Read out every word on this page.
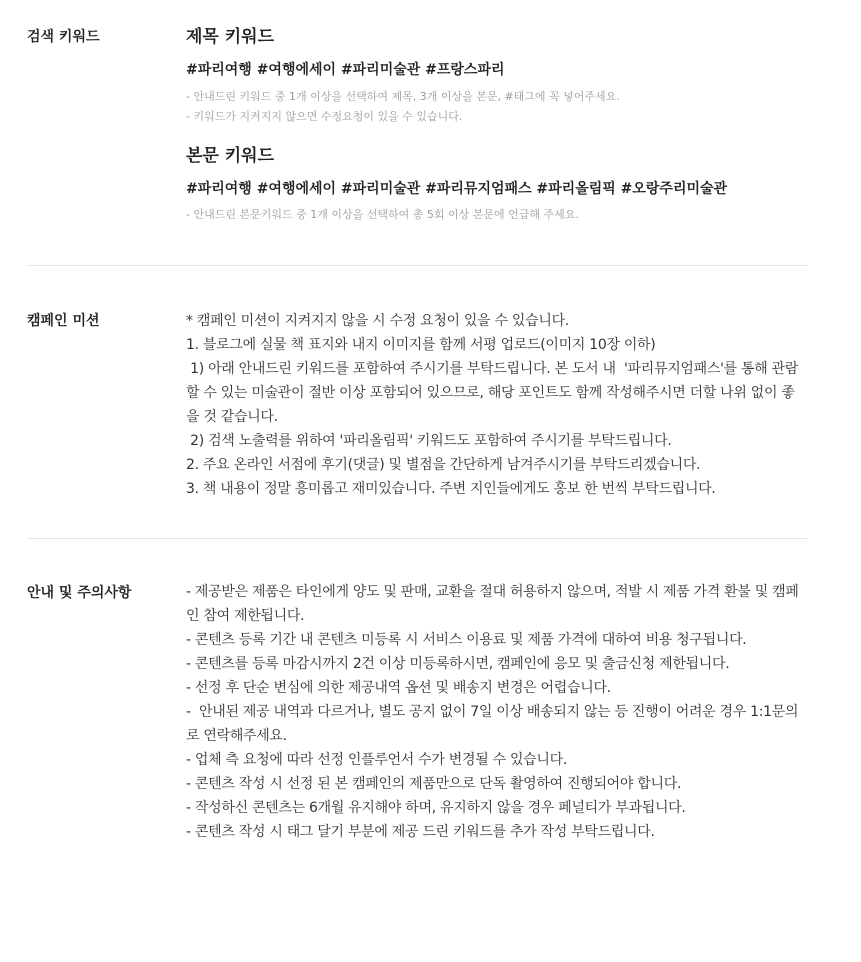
검색 키워드	제목 키워드
#파리여행 #여행에세이 #파리미술관 #프랑스파리
- 안내드린 키워드 중 1개 이상을 선택하여 제목, 3개 이상을 본문, #태그에 꼭 넣어주세요.
- 키워드가 지켜지지 않으면 수정요청이 있을 수 있습니다.
본문 키워드
#파리여행 #여행에세이 #파리미술관 #파리뮤지엄패스 #파리올림픽 #오랑주리미술관
- 안내드린 본문키워드 중 1개 이상을 선택하여 총 5회 이상 본문에 언급해 주세요.
캠페인 미션	* 캠페인 미션이 지켜지지 않을 시 수정 요청이 있을 수 있습니다.
1. 블로그에 실물 책 표지와 내지 이미지를 함께 서평 업로드(이미지 10장 이하)
1) 아래 안내드린 키워드를 포함하여 주시기를 부탁드립니다. 본 도서 내  '파리뮤지엄패스'를 통해 관람
할 수 있는 미술관이 절반 이상 포함되어 있으므로, 해당 포인트도 함께 작성해주시면 더할 나위 없이 좋
을 것 같습니다.
2) 검색 노출력를 위하여 '파리올림픽' 키워드도 포함하여 주시기를 부탁드립니다.
2. 주요 온라인 서점에 후기(댓글) 및 별점을 간단하게 남겨주시기를 부탁드리겠습니다.
3. 책 내용이 정말 흥미롭고 재미있습니다. 주변 지인들에게도 홍보 한 번씩 부탁드립니다.
안내 및 주의사항	- 제공받은 제품은 타인에게 양도 및 판매, 교환을 절대 허용하지 않으며, 적발 시 제품 가격 환불 및 캠페
인 참여 제한됩니다.
- 콘텐츠 등록 기간 내 콘텐츠 미등록 시 서비스 이용료 및 제품 가격에 대하여 비용 청구됩니다.
- 콘텐츠를 등록 마감시까지 2건 이상 미등록하시면, 캠페인에 응모 및 출금신청 제한됩니다.
- 선정 후 단순 변심에 의한 제공내역 옵션 및 배송지 변경은 어렵습니다.
-  안내된 제공 내역과 다르거나, 별도 공지 없이 7일 이상 배송되지 않는 등 진행이 어려운 경우 1:1문의
로 연락해주세요.
- 업체 측 요청에 따라 선정 인플루언서 수가 변경될 수 있습니다.
- 콘텐츠 작성 시 선정 된 본 캠페인의 제품만으로 단독 촬영하여 진행되어야 합니다.
- 작성하신 콘텐츠는 6개월 유지해야 하며, 유지하지 않을 경우 페널티가 부과됩니다.
- 콘텐츠 작성 시 태그 달기 부분에 제공 드린 키워드를 추가 작성 부탁드립니다.
